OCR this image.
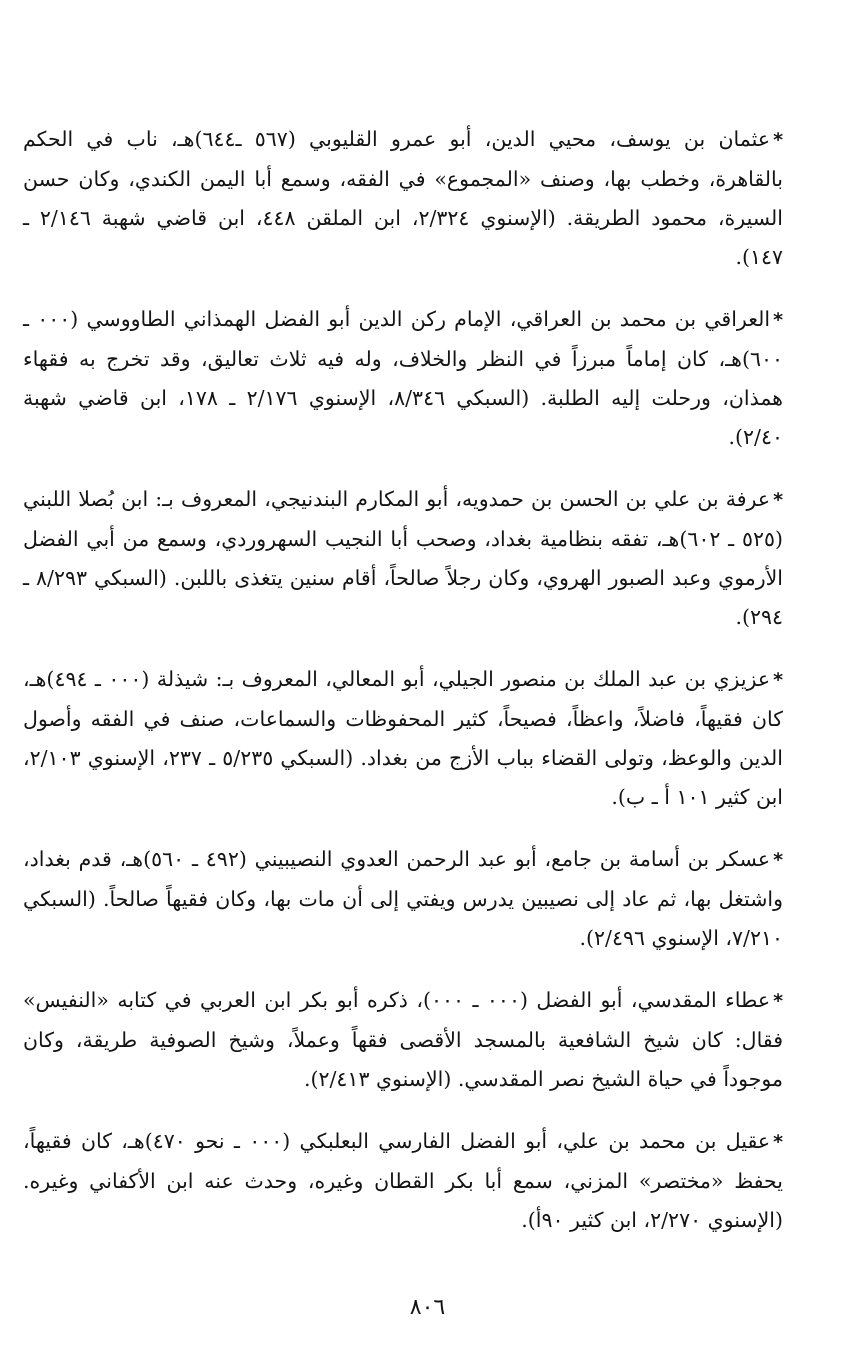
*عثمان بن يوسف، محيي الدين، أبو عمرو القليوبي (٥٦٧ ـ٦٤٤)هـ، ناب في الحكم بالقاهرة، وخطب بها، وصنف «المجموع» في الفقه، وسمع أبا اليمن الكندي، وكان حسن السيرة، محمود الطريقة. (الإسنوي ٢/٣٢٤، ابن الملقن ٤٤٨، ابن قاضي شهبة ٢/١٤٦ ـ ١٤٧).

*العراقي بن محمد بن العراقي، الإمام ركن الدين أبو الفضل الهمذاني الطاووسي (٠٠٠ ـ ٦٠٠)هـ، كان إماماً مبرزاً في النظر والخلاف، وله فيه ثلاث تعاليق، وقد تخرج به فقهاء همذان، ورحلت إليه الطلبة. (السبكي ٨/٣٤٦، الإسنوي ٢/١٧٦ ـ ١٧٨، ابن قاضي شهبة ٢/٤٠).

*عرفة بن علي بن الحسن بن حمدويه، أبو المكارم البندنيجي، المعروف بـ: ابن بُصلا اللبني (٥٢٥ ـ ٦٠٢)هـ، تفقه بنظامية بغداد، وصحب أبا النجيب السهروردي، وسمع من أبي الفضل الأرموي وعبد الصبور الهروي، وكان رجلاً صالحاً، أقام سنين يتغذى باللبن. (السبكي ٨/٢٩٣ ـ ٢٩٤).

*عزيزي بن عبد الملك بن منصور الجيلي، أبو المعالي، المعروف بـ: شيذلة (٠٠٠ ـ ٤٩٤)هـ، كان فقيهاً، فاضلاً، واعظاً، فصيحاً، كثير المحفوظات والسماعات، صنف في الفقه وأصول الدين والوعظ، وتولى القضاء بباب الأزج من بغداد. (السبكي ٥/٢٣٥ ـ ٢٣٧، الإسنوي ٢/١٠٣، ابن كثير ١٠١ أ ـ ب).

*عسكر بن أسامة بن جامع، أبو عبد الرحمن العدوي النصيبيني (٤٩٢ ـ ٥٦٠)هـ، قدم بغداد، واشتغل بها، ثم عاد إلى نصيبين يدرس ويفتي إلى أن مات بها، وكان فقيهاً صالحاً. (السبكي ٧/٢١٠، الإسنوي ٢/٤٩٦).

*عطاء المقدسي، أبو الفضل (٠٠٠ ـ ٠٠٠)، ذكره أبو بكر ابن العربي في كتابه «النفيس» فقال: كان شيخ الشافعية بالمسجد الأقصى فقهاً وعملاً، وشيخ الصوفية طريقة، وكان موجوداً في حياة الشيخ نصر المقدسي. (الإسنوي ٢/٤١٣).

*عقيل بن محمد بن علي، أبو الفضل الفارسي البعلبكي (٠٠٠ ـ نحو ٤٧٠)هـ، كان فقيهاً، يحفظ «مختصر» المزني، سمع أبا بكر القطان وغيره، وحدث عنه ابن الأكفاني وغيره. (الإسنوي ٢/٢٧٠، ابن كثير ٩٠أ).

٨٠٦
